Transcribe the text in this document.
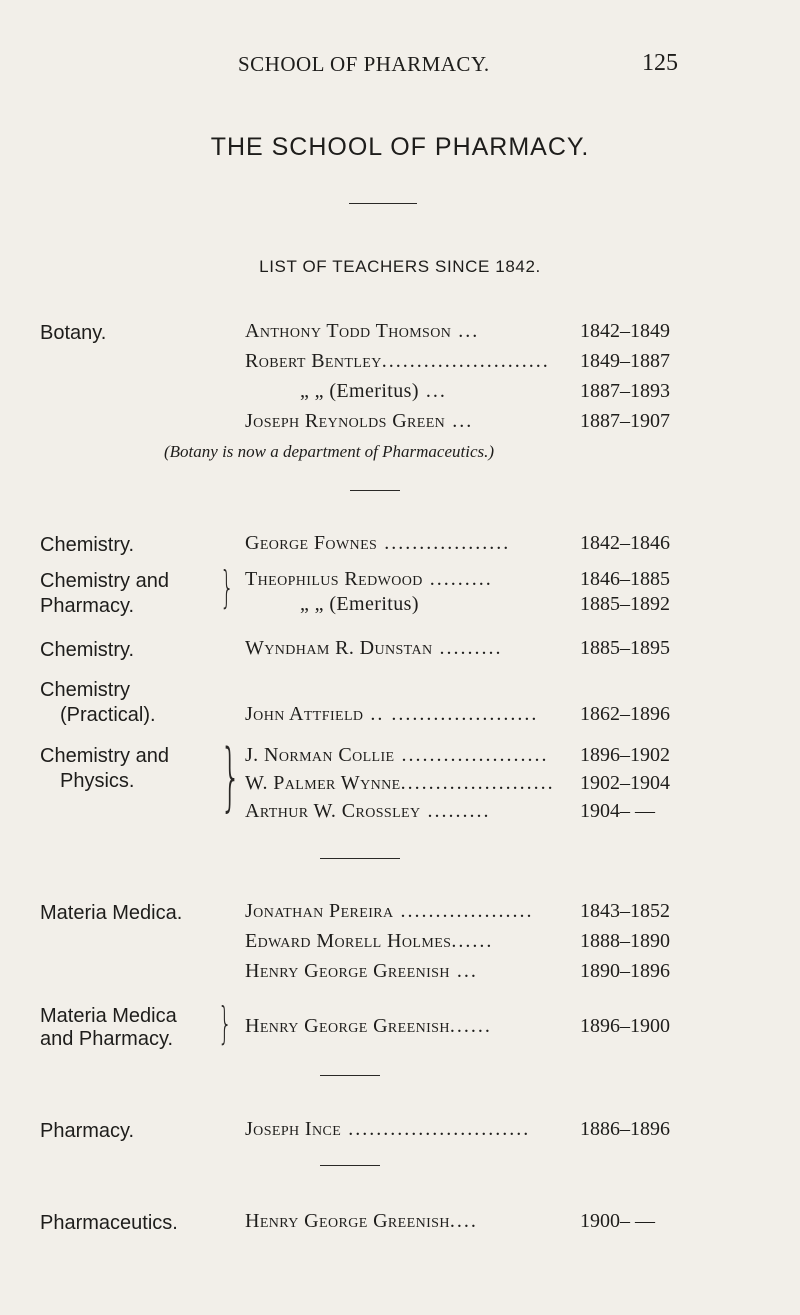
SCHOOL OF PHARMACY.	125
THE SCHOOL OF PHARMACY.
LIST OF TEACHERS SINCE 1842.
Botany.	Anthony Todd Thomson ...	1842–1849
Robert Bentley........................ 1849–1887
„ „ (Emeritus) ...	1887–1893
Joseph Reynolds Green ...	1887–1907
(Botany is now a department of Pharmaceutics.)
Chemistry.	George Fownes ..................	1842–1846
Chemistry and
Pharmacy. } Theophilus Redwood .........	1846–1885
„ „ (Emeritus)	1885–1892
Chemistry.	Wyndham R. Dunstan .........	1885–1895
Chemistry
(Practical).	John Attfield .. ..................... 1862–1896
Chemistry and
Physics. } J. Norman Collie ..................... 1896–1902
W. Palmer Wynne...................... 1902–1904
Arthur W. Crossley .........	1904– —
Materia Medica.	Jonathan Pereira ................... 1843–1852
Edward Morell Holmes......	1888–1890
Henry George Greenish ...	1890–1896
Materia Medica
and Pharmacy. } Henry George Greenish......	1896–1900
Pharmacy.	Joseph Ince .......................... 1886–1896
Pharmaceutics.	Henry George Greenish....	1900– —
